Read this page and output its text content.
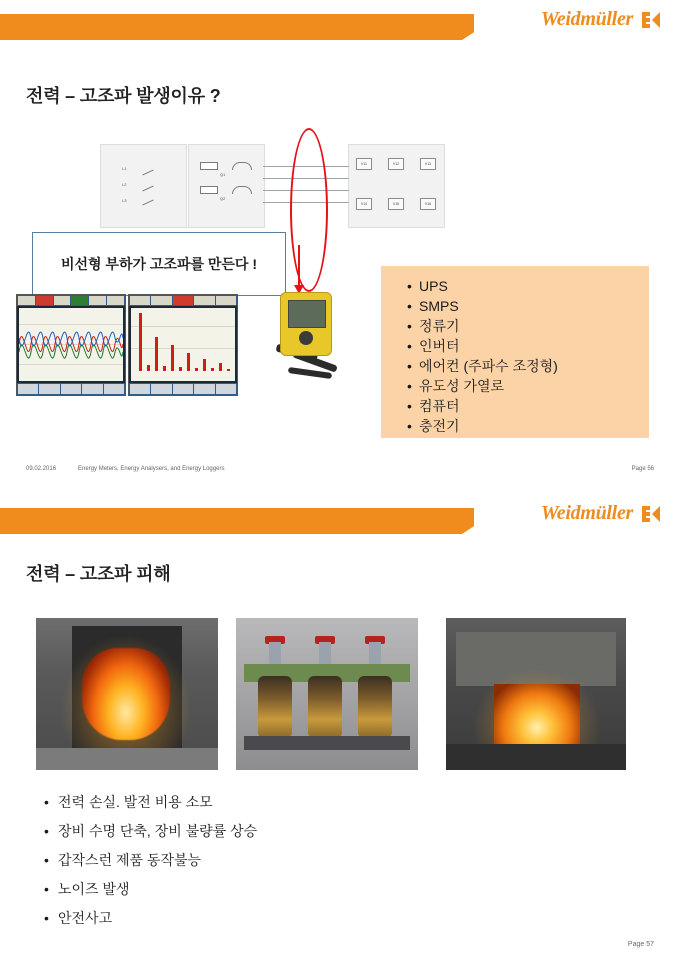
Weidmüller
전력 – 고조파 발생이유 ?
L1
L2
L3
Q1
Q2
V11	V12	V13
V14	V15	V16
비선형 부하가 고조파를 만든다 !
• UPS
• SMPS
• 정류기
• 인버터
• 에어컨 (주파수 조정형)
• 유도성 가열로
• 컴퓨터
• 충전기
09.02.2016	Energy Meters, Energy Analysers, and Energy Loggers	Page 56
Weidmüller
전력 – 고조파 피해
• 전력 손실. 발전 비용 소모
• 장비 수명 단축, 장비 불량률 상승
• 갑작스런 제품 동작불능
• 노이즈 발생
• 안전사고
Page 57
